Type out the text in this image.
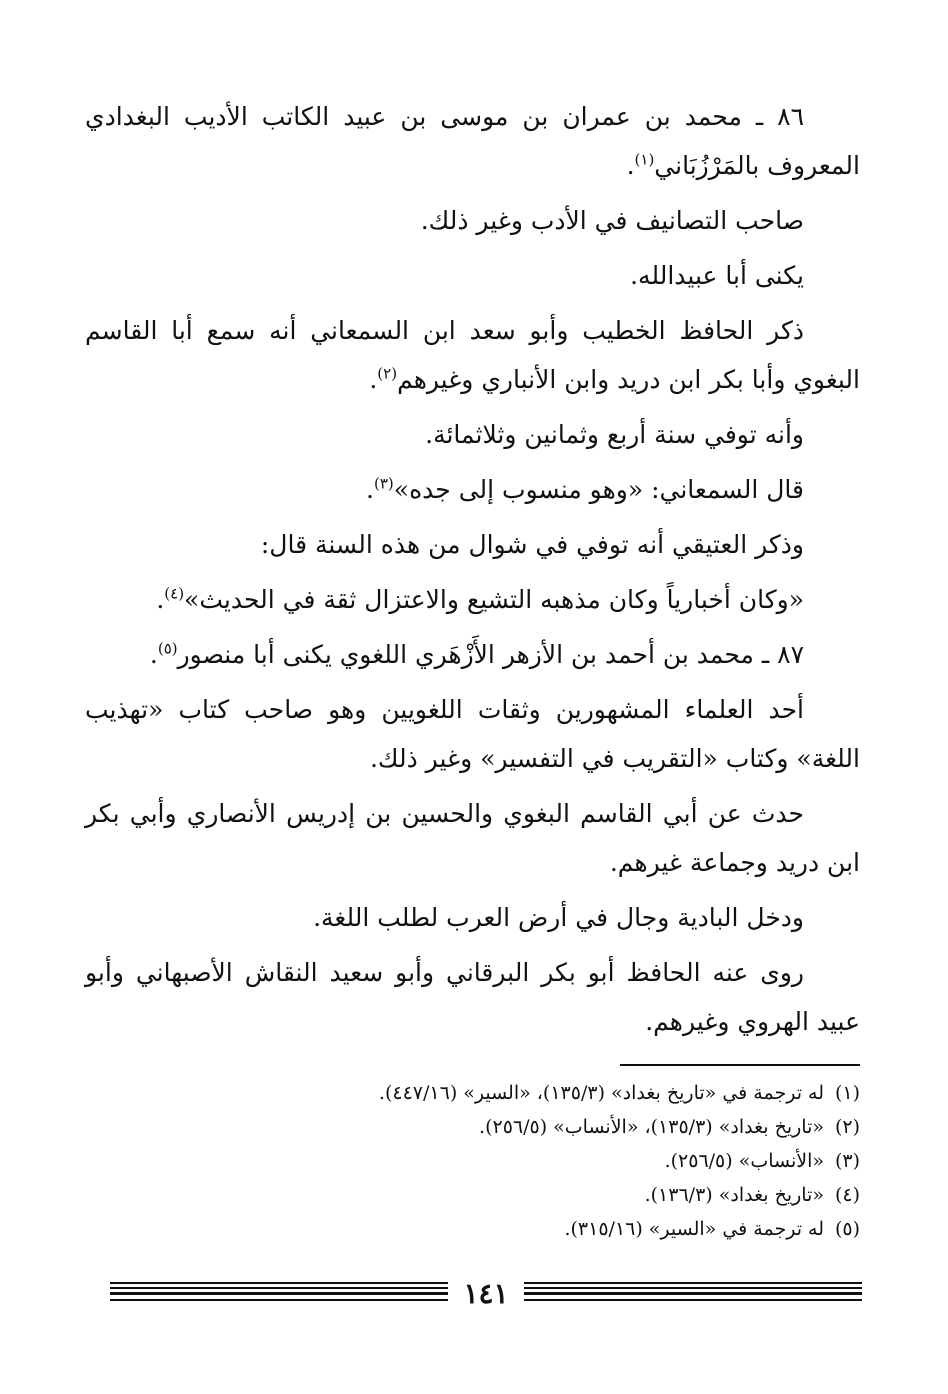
٨٦ ـ محمد بن عمران بن موسى بن عبيد الكاتب الأديب البغدادي المعروف بالمَرْزُبَاني$^{(١)}$.

صاحب التصانيف في الأدب وغير ذلك.

يكنى أبا عبيدالله.

ذكر الحافظ الخطيب وأبو سعد ابن السمعاني أنه سمع أبا القاسم البغوي وأبا بكر ابن دريد وابن الأنباري وغيرهم$^{(٢)}$.

وأنه توفي سنة أربع وثمانين وثلاثمائة.

قال السمعاني: «وهو منسوب إلى جده»$^{(٣)}$.

وذكر العتيقي أنه توفي في شوال من هذه السنة قال:

«وكان أخبارياً وكان مذهبه التشيع والاعتزال ثقة في الحديث»$^{(٤)}$.

٨٧ ـ محمد بن أحمد بن الأزهر الأَزْهَري اللغوي يكنى أبا منصور$^{(٥)}$.

أحد العلماء المشهورين وثقات اللغويين وهو صاحب كتاب «تهذيب اللغة» وكتاب «التقريب في التفسير» وغير ذلك.

حدث عن أبي القاسم البغوي والحسين بن إدريس الأنصاري وأبي بكر ابن دريد وجماعة غيرهم.

ودخل البادية وجال في أرض العرب لطلب اللغة.

روى عنه الحافظ أبو بكر البرقاني وأبو سعيد النقاش الأصبهاني وأبو عبيد الهروي وغيرهم.

(١)له ترجمة في «تاريخ بغداد» (١٣٥/٣)، «السير» (٤٤٧/١٦).
(٢)«تاريخ بغداد» (١٣٥/٣)، «الأنساب» (٢٥٦/٥).
(٣)«الأنساب» (٢٥٦/٥).
(٤)«تاريخ بغداد» (١٣٦/٣).
(٥)له ترجمة في «السير» (٣١٥/١٦).
١٤١
